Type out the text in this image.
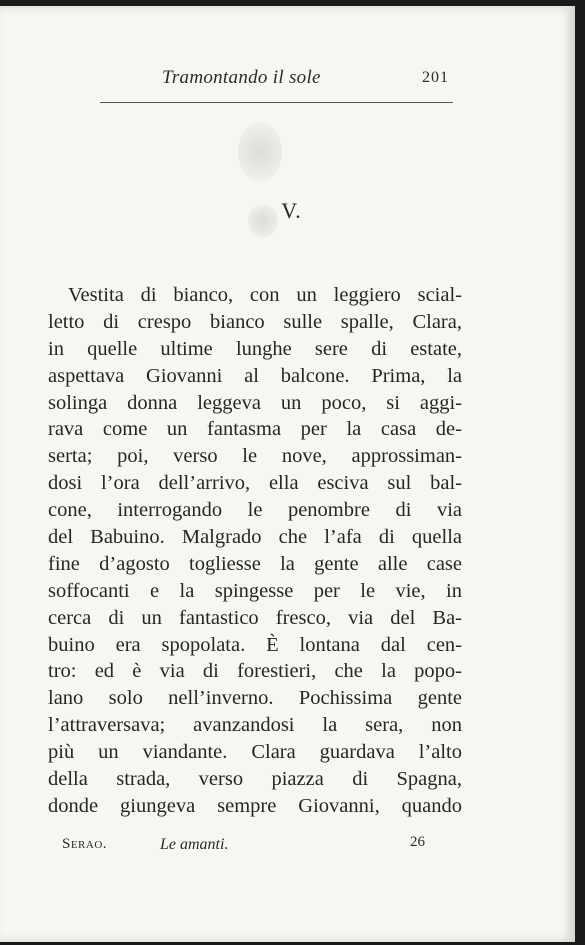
Tramontando il sole	201
V.
Vestita di bianco, con un leggiero scial-
letto di crespo bianco sulle spalle, Clara,
in quelle ultime lunghe sere di estate,
aspettava Giovanni al balcone. Prima, la
solinga donna leggeva un poco, si aggi-
rava come un fantasma per la casa de-
serta; poi, verso le nove, approssiman-
dosi l’ora dell’arrivo, ella esciva sul bal-
cone, interrogando le penombre di via
del Babuino. Malgrado che l’afa di quella
fine d’agosto togliesse la gente alle case
soffocanti e la spingesse per le vie, in
cerca di un fantastico fresco, via del Ba-
buino era spopolata. È lontana dal cen-
tro: ed è via di forestieri, che la popo-
lano solo nell’inverno. Pochissima gente
l’attraversava; avanzandosi la sera, non
più un viandante. Clara guardava l’alto
della strada, verso piazza di Spagna,
donde giungeva sempre Giovanni, quando
Serao.	Le amanti.	26
